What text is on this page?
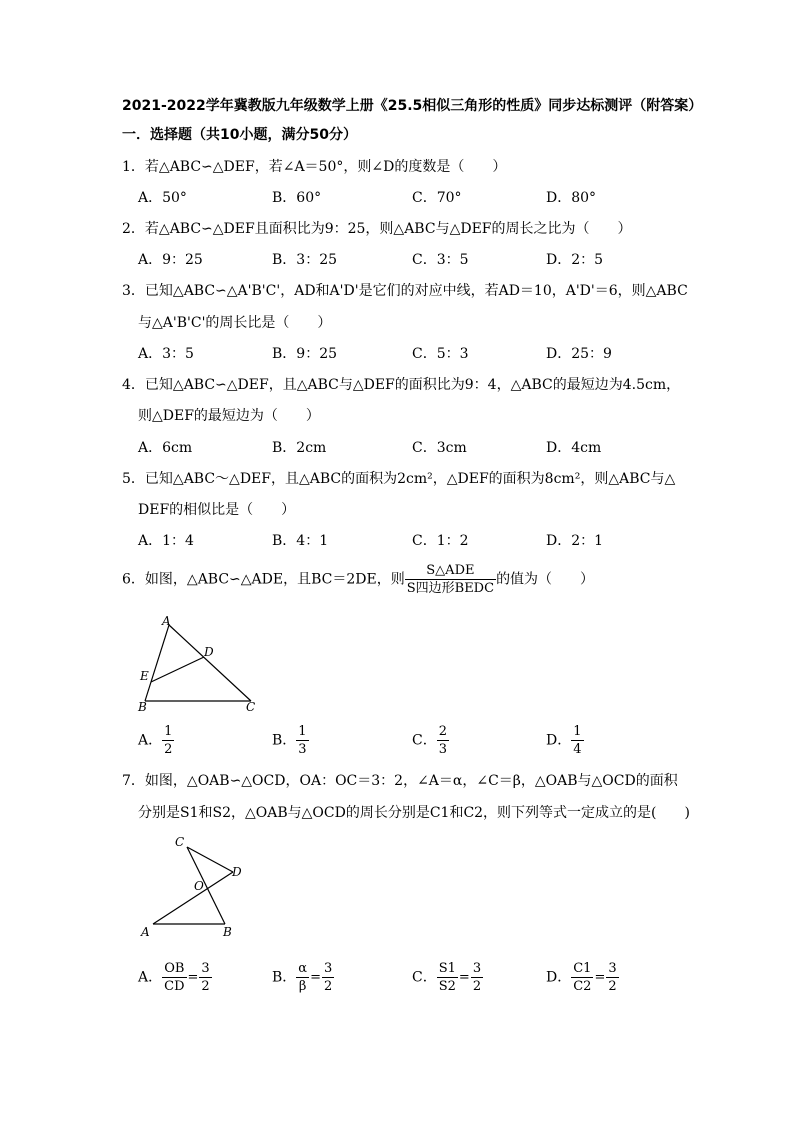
2021-2022学年冀教版九年级数学上册《25.5相似三角形的性质》同步达标测评（附答案）
一．选择题（共10小题，满分50分）
1．若△ABC∽△DEF，若∠A＝50°，则∠D的度数是（　　）
A．50°	B．60°	C．70°	D．80°
2．若△ABC∽△DEF且面积比为9：25，则△ABC与△DEF的周长之比为（　　）
A．9：25	B．3：25	C．3：5	D．2：5
3．已知△ABC∽△A'B'C'，AD和A'D'是它们的对应中线，若AD＝10，A'D'＝6，则△ABC
与△A'B'C'的周长比是（　　）
A．3：5	B．9：25	C．5：3	D．25：9
4．已知△ABC∽△DEF，且△ABC与△DEF的面积比为9：4，△ABC的最短边为4.5cm，
则△DEF的最短边为（　　）
A．6cm	B．2cm	C．3cm	D．4cm
5．已知△ABC～△DEF，且△ABC的面积为2cm²，△DEF的面积为8cm²，则△ABC与△
DEF的相似比是（　　）
A．1：4	B．4：1	C．1：2	D．2：1
6．如图，△ABC∽△ADE，且BC＝2DE，则 $\frac{\text{S△ADE}}{\text{S四边形BEDC}}$ 的值为（　　）
A
D
E
B	C
A． $\frac{1}{2}$	B． $\frac{1}{3}$	C． $\frac{2}{3}$	D． $\frac{1}{4}$
7．如图，△OAB∽△OCD，OA：OC＝3：2，∠A＝α，∠C＝β，△OAB与△OCD的面积
分别是S1和S2，△OAB与△OCD的周长分别是C1和C2，则下列等式一定成立的是(　　)
C
D
O
A	B
A． $\frac{OB}{CD} = \frac{3}{2}$	B． $\frac{\alpha}{\beta} = \frac{3}{2}$	C． $\frac{S1}{S2} = \frac{3}{2}$	D． $\frac{C1}{C2} = \frac{3}{2}$
